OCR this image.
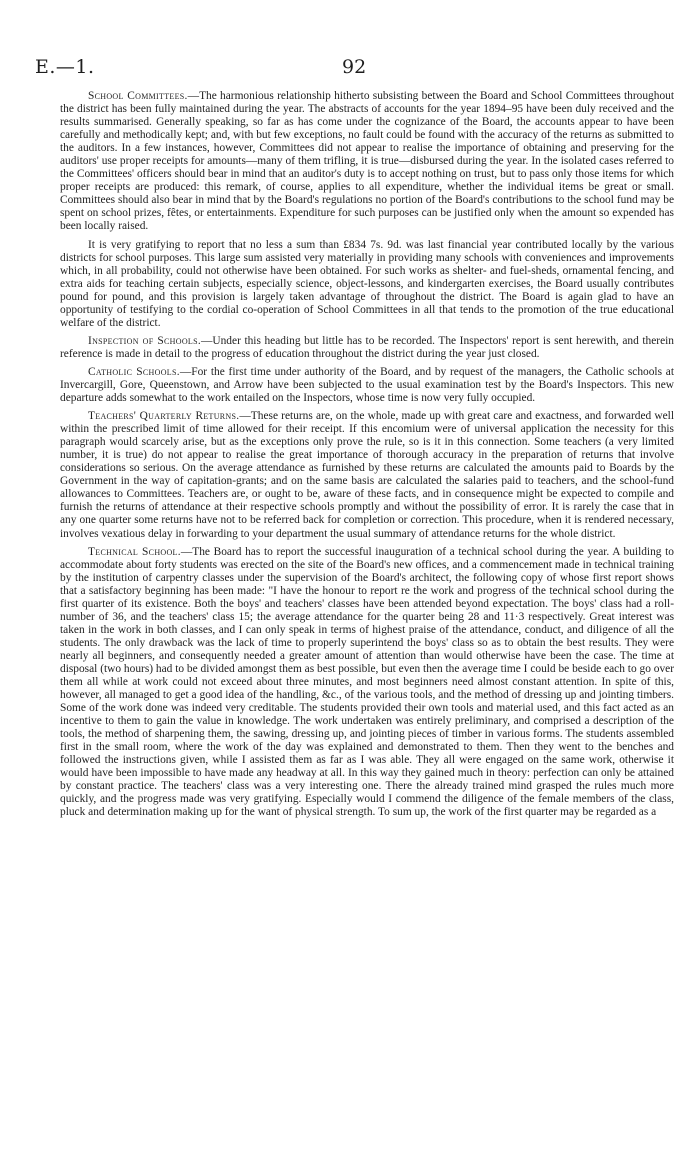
E.—1.	92

School Committees.—The harmonious relationship hitherto subsisting between the Board and School Committees throughout the district has been fully maintained during the year. The abstracts of accounts for the year 1894–95 have been duly received and the results summarised. Generally speaking, so far as has come under the cognizance of the Board, the accounts appear to have been carefully and methodically kept; and, with but few exceptions, no fault could be found with the accuracy of the returns as submitted to the auditors. In a few instances, however, Committees did not appear to realise the importance of obtaining and preserving for the auditors' use proper receipts for amounts—many of them trifling, it is true—disbursed during the year. In the isolated cases referred to the Committees' officers should bear in mind that an auditor's duty is to accept nothing on trust, but to pass only those items for which proper receipts are produced: this remark, of course, applies to all expenditure, whether the individual items be great or small. Committees should also bear in mind that by the Board's regulations no portion of the Board's contributions to the school fund may be spent on school prizes, fêtes, or entertainments. Expenditure for such purposes can be justified only when the amount so expended has been locally raised.

It is very gratifying to report that no less a sum than £834 7s. 9d. was last financial year contributed locally by the various districts for school purposes. This large sum assisted very materially in providing many schools with conveniences and improvements which, in all probability, could not otherwise have been obtained. For such works as shelter- and fuel-sheds, ornamental fencing, and extra aids for teaching certain subjects, especially science, object-lessons, and kindergarten exercises, the Board usually contributes pound for pound, and this provision is largely taken advantage of throughout the district. The Board is again glad to have an opportunity of testifying to the cordial co-operation of School Committees in all that tends to the promotion of the true educational welfare of the district.

Inspection of Schools.—Under this heading but little has to be recorded. The Inspectors' report is sent herewith, and therein reference is made in detail to the progress of education throughout the district during the year just closed.

Catholic Schools.—For the first time under authority of the Board, and by request of the managers, the Catholic schools at Invercargill, Gore, Queenstown, and Arrow have been subjected to the usual examination test by the Board's Inspectors. This new departure adds somewhat to the work entailed on the Inspectors, whose time is now very fully occupied.

Teachers' Quarterly Returns.—These returns are, on the whole, made up with great care and exactness, and forwarded well within the prescribed limit of time allowed for their receipt. If this encomium were of universal application the necessity for this paragraph would scarcely arise, but as the exceptions only prove the rule, so is it in this connection. Some teachers (a very limited number, it is true) do not appear to realise the great importance of thorough accuracy in the preparation of returns that involve considerations so serious. On the average attendance as furnished by these returns are calculated the amounts paid to Boards by the Government in the way of capitation-grants; and on the same basis are calculated the salaries paid to teachers, and the school-fund allowances to Committees. Teachers are, or ought to be, aware of these facts, and in consequence might be expected to compile and furnish the returns of attendance at their respective schools promptly and without the possibility of error. It is rarely the case that in any one quarter some returns have not to be referred back for completion or correction. This procedure, when it is rendered necessary, involves vexatious delay in forwarding to your department the usual summary of attendance returns for the whole district.

Technical School.—The Board has to report the successful inauguration of a technical school during the year. A building to accommodate about forty students was erected on the site of the Board's new offices, and a commencement made in technical training by the institution of carpentry classes under the supervision of the Board's architect, the following copy of whose first report shows that a satisfactory beginning has been made: "I have the honour to report re the work and progress of the technical school during the first quarter of its existence. Both the boys' and teachers' classes have been attended beyond expectation. The boys' class had a roll-number of 36, and the teachers' class 15; the average attendance for the quarter being 28 and 11·3 respectively. Great interest was taken in the work in both classes, and I can only speak in terms of highest praise of the attendance, conduct, and diligence of all the students. The only drawback was the lack of time to properly superintend the boys' class so as to obtain the best results. They were nearly all beginners, and consequently needed a greater amount of attention than would otherwise have been the case. The time at disposal (two hours) had to be divided amongst them as best possible, but even then the average time I could be beside each to go over them all while at work could not exceed about three minutes, and most beginners need almost constant attention. In spite of this, however, all managed to get a good idea of the handling, &c., of the various tools, and the method of dressing up and jointing timbers. Some of the work done was indeed very creditable. The students provided their own tools and material used, and this fact acted as an incentive to them to gain the value in knowledge. The work undertaken was entirely preliminary, and comprised a description of the tools, the method of sharpening them, the sawing, dressing up, and jointing pieces of timber in various forms. The students assembled first in the small room, where the work of the day was explained and demonstrated to them. Then they went to the benches and followed the instructions given, while I assisted them as far as I was able. They all were engaged on the same work, otherwise it would have been impossible to have made any headway at all. In this way they gained much in theory: perfection can only be attained by constant practice. The teachers' class was a very interesting one. There the already trained mind grasped the rules much more quickly, and the progress made was very gratifying. Especially would I commend the diligence of the female members of the class, pluck and determination making up for the want of physical strength. To sum up, the work of the first quarter may be regarded as a
